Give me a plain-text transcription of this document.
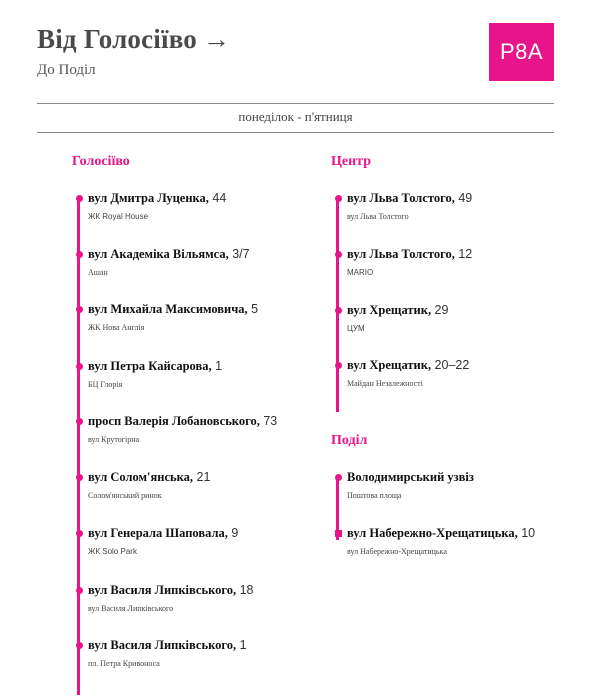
Від Голосіїво →
До Поділ
Р8А
понеділок - п'ятниця
Голосіїво
вул Дмитра Луценка, 44
ЖК Royal House
вул Академіка Вільямса, 3/7
Ашан
вул Михайла Максимовича, 5
ЖК Нова Англія
вул Петра Кайсарова, 1
БЦ Глорія
просп Валерія Лобановського, 73
вул Крутогірна
вул Солом'янська, 21
Солом'янський ринок
вул Генерала Шаповала, 9
ЖК Solo Park
вул Василя Липківського, 18
вул Василя Липківського
вул Василя Липківського, 1
пл. Петра Кривоноса
Центр
вул Льва Толстого, 49
вул Льва Толстого
вул Льва Толстого, 12
MARIO
вул Хрещатик, 29
ЦУМ
вул Хрещатик, 20–22
Майдан Незалежності
Поділ
Володимирський узвіз
Поштова площа
вул Набережно-Хрещатицька, 10
вул Набережно-Хрещатицька
